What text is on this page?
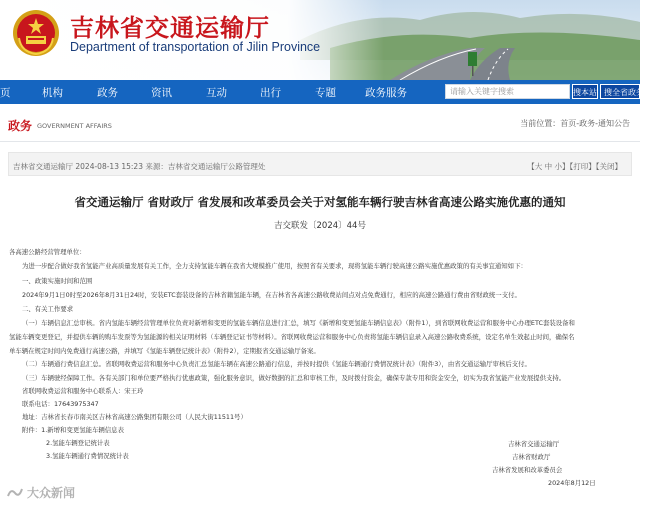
吉林省交通运输厅
Department of transportation of Jilin Province
页	机构	政务	资讯	互动	出行	专题	政务服务	请输入关键字搜索	搜本站 搜全省政务网站
政务 GOVERNMENT AFFAIRS	当前位置：首页-政务-通知公告
吉林省交通运输厅 2024-08-13 15:23 来源：吉林省交通运输厅公路管理处	【大 中 小】【打印】【关闭】
省交通运输厅 省财政厅 省发展和改革委员会关于对氢能车辆行驶吉林省高速公路实施优惠的通知
吉交联发〔2024〕44号
各高速公路经营管理单位：
为进一步配合做好我省氢能产业高质量发展有关工作，全力支持氢能车辆在我省大规模推广使用，按照省有关要求，现将氢能车辆行驶高速公路实施优惠政策的有关事宜通知如下：
一、政策实施时间和范围
2024年9月1日0时至2026年8月31日24时，安装ETC套装设备的吉林省籍氢能车辆，在吉林省各高速公路收费站间点对点免费通行，相应的高速公路通行费由省财政统一支付。
二、有关工作要求
（一）车辆信息汇总审核。省内氢能车辆经营管理单位负责对新增和变更的氢能车辆信息进行汇总，填写《新增和变更氢能车辆信息表》（附件1），到省联网收费运营和服务中心办理ETC套装设备和
氢能车辆变更登记，并提供车辆的购车发票等为氢能源的相关证明材料（车辆登记证书等材料）。省联网收费运营和服务中心负责将氢能车辆信息录入高速公路收费系统，设定名单生效起止时间，确保名
单车辆在规定时间内免费通行高速公路，并填写《氢能车辆登记统计表》（附件2），定期报省交通运输厅备案。
（二）车辆通行费信息汇总。省联网收费运营和服务中心负责汇总氢能车辆在高速公路通行信息，并按时提供《氢能车辆通行费情况统计表》（附件3），由省交通运输厅审核后支付。
（三）车辆驶经保障工作。各有关部门和单位要严格执行优惠政策，强化服务意识，做好数据的汇总和审核工作，及时拨付资金，确保专款专用和资金安全，切实为我省氢能产业发展提供支持。
省联网收费运营和服务中心联系人：宋王玲
联系电话：17643975347
地址：吉林省长春市南关区吉林省高速公路集团有限公司（人民大街11511号）
附件：1.新增和变更氢能车辆信息表
2.氢能车辆登记统计表
3.氢能车辆通行费情况统计表
吉林省交通运输厅
吉林省财政厅
吉林省发展和改革委员会
2024年8月12日
大众新闻
